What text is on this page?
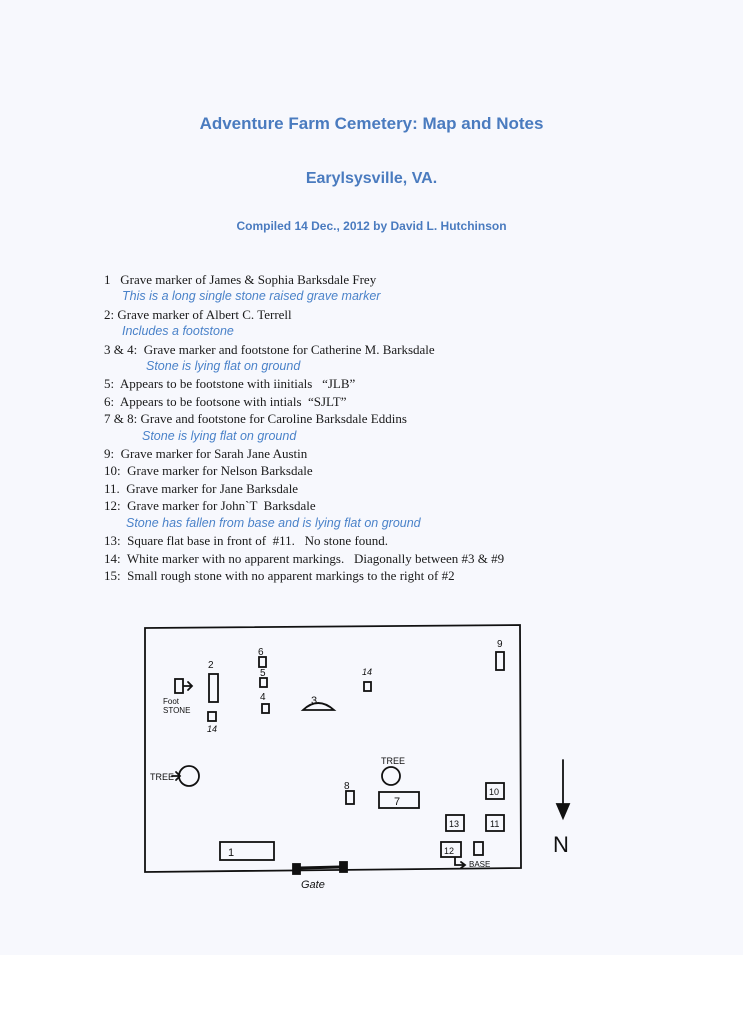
Adventure Farm Cemetery: Map and Notes
Earylsysville, VA.
Compiled 14 Dec., 2012 by David L. Hutchinson
1   Grave marker of James & Sophia Barksdale Frey
This is a long single stone raised grave marker
2: Grave marker of Albert C. Terrell
Includes a footstone
3 & 4:  Grave marker and footstone for Catherine M. Barksdale
Stone is lying flat on ground
5:  Appears to be footstone with iinitials   “JLB”
6:  Appears to be footsone with intials  “SJLT”
7 & 8: Grave and footstone for Caroline Barksdale Eddins
Stone is lying flat on ground
9:  Grave marker for Sarah Jane Austin
10:  Grave marker for Nelson Barksdale
11.  Grave marker for Jane Barksdale
12:  Grave marker for JohnˋT  Barksdale
Stone has fallen from base and is lying flat on ground
13:  Square flat base in front of  #11.   No stone found.
14:  White marker with no apparent markings.   Diagonally between #3 & #9
15:  Small rough stone with no apparent markings to the right of #2
1
2
3
4
5
6
7
8
9
10
11
12
13
14
14
Foot
STONE
TREE
TREE
BASE
Gate
N
